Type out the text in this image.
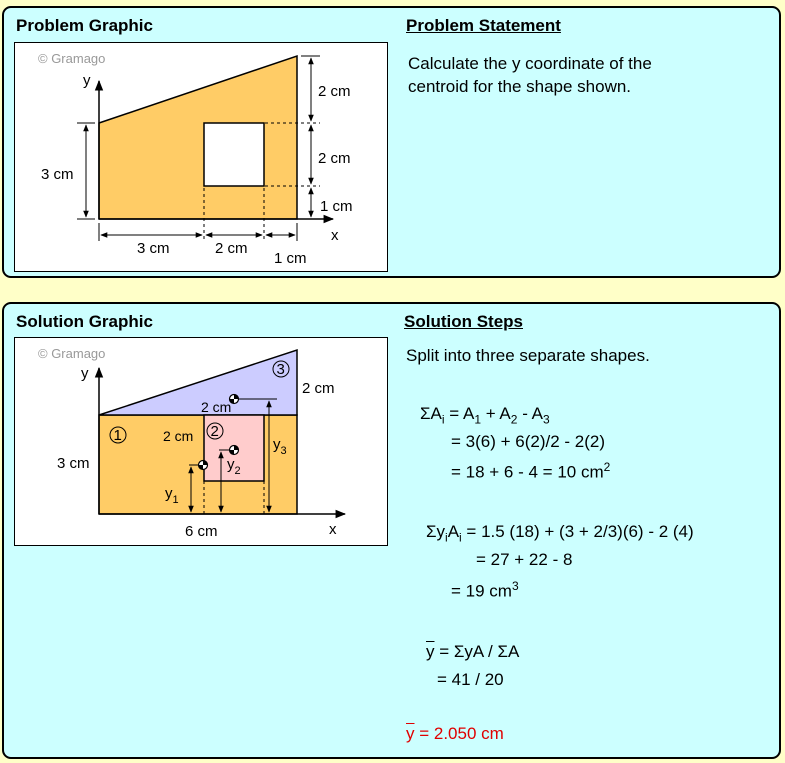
Problem Graphic	Problem Statement
Calculate the y coordinate of the
centroid for the shape shown.
© Gramago
y
x
3 cm
2 cm
2 cm
1 cm
3 cm	2 cm
1 cm
Solution Graphic	Solution Steps
© Gramago
y
x
1	2
3
$y_1$
$y_2$
$y_3$
2 cm
2 cm
2 cm
3 cm
6 cm
Split into three separate shapes.
$\Sigma A_i = A_1 + A_2 - A_3$
= 3(6) + 6(2)/2 - 2(2)
= 18 + 6 - 4 = 10 $cm^2$
$\Sigma y_iA_i = 1.5$ (18) + (3 + 2/3)(6) - 2 (4)
= 27 + 22 - 8
= 19 $cm^3$
$\overline{y} = \Sigma yA / \Sigma A$
= 41 / 20
$\overline{y} = 2.050$ cm
